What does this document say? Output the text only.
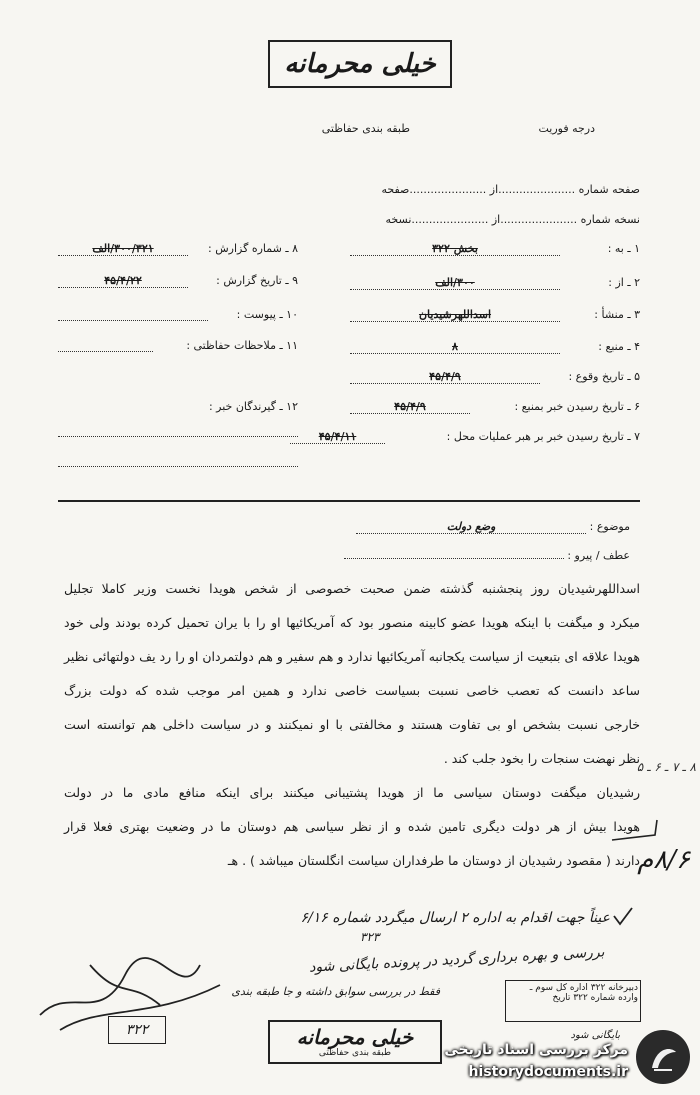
خیلی محرمانه
طبقه بندی حفاظتی	درجه فوریت
صفحه شماره ......................از ......................صفحه
نسخه شماره ......................از ......................نسخه
۱ ـ به :
بخش ۳۲۲
۲ ـ از :
۳۰۰/الف
۳ ـ منشأ :
اسداللهرشیدیان
۴ ـ منبع :
۸
۵ ـ تاریخ وقوع :
۴۵/۴/۹
۶ ـ تاریخ رسیدن خبر بمنبع :
۴۵/۴/۹
۷ ـ تاریخ رسیدن خبر بر هبر عملیات محل :
۴۵/۴/۱۱
۸ ـ شماره گزارش :
۳۰۰/۳۲۱/الف
۹ ـ تاریخ گزارش :
۴۵/۴/۲۲
۱۰ ـ پیوست :
۱۱ ـ ملاحظات حفاظتی :
۱۲ ـ گیرندگان خبر :
موضوع : وضع دولت
عطف / پیرو :
اسداللهرشیدیان روز پنجشنبه گذشته ضمن صحبت خصوصی از شخص هویدا نخست وزیر کاملا تجلیل
میکرد و میگفت با اینکه هویدا عضو کابینه منصور بود که آمریکائیها او را با یران تحمیل کرده بودند ولی خود
هویدا علاقه ای بتبعیت از سیاست یکجانبه آمریکائیها ندارد و هم سفیر و هم دولتمردان او را رد یف دولتهائی نظیر
ساعد دانست که تعصب خاصی نسبت بسیاست خاصی ندارد و همین امر موجب شده که دولت بزرگ
خارجی نسبت بشخص او بی تفاوت هستند و مخالفتی با او نمیکنند و در سیاست داخلی هم توانسته است
نظر نهضت سنجات را بخود جلب کند .
رشیدیان میگفت دوستان سیاسی ما از هویدا پشتیبانی میکنند برای اینکه منافع مادی ما در دولت
هویدا بیش از هر دولت دیگری تامین شده و از نظر سیاسی هم دوستان ما در وضعیت بهتری فعلا قرار
دارند ( مقصود رشیدیان از دوستان ما طرفداران سیاست انگلستان میباشد ) . هـ
۸ ـ ۷ ـ ۶ ـ ۵
۸/۶م
عیناً جهت اقدام به اداره ۲ ارسال میگردد شماره ۶/۱۶
۳۲۳
بررسی و بهره برداری گردید در پرونده بایگانی شود
فقط در بررسی سوابق داشته و جا طبقه بندی	دبیرخانه ۳۲۲ اداره کل سوم ـ وارده شماره ۳۲۲ تاریخ
بایگانی شود
۳۲۲	خیلی محرمانه
طبقه بندی حفاظتی	مرکز بررسی اسناد تاریخی
historydocuments.ir
